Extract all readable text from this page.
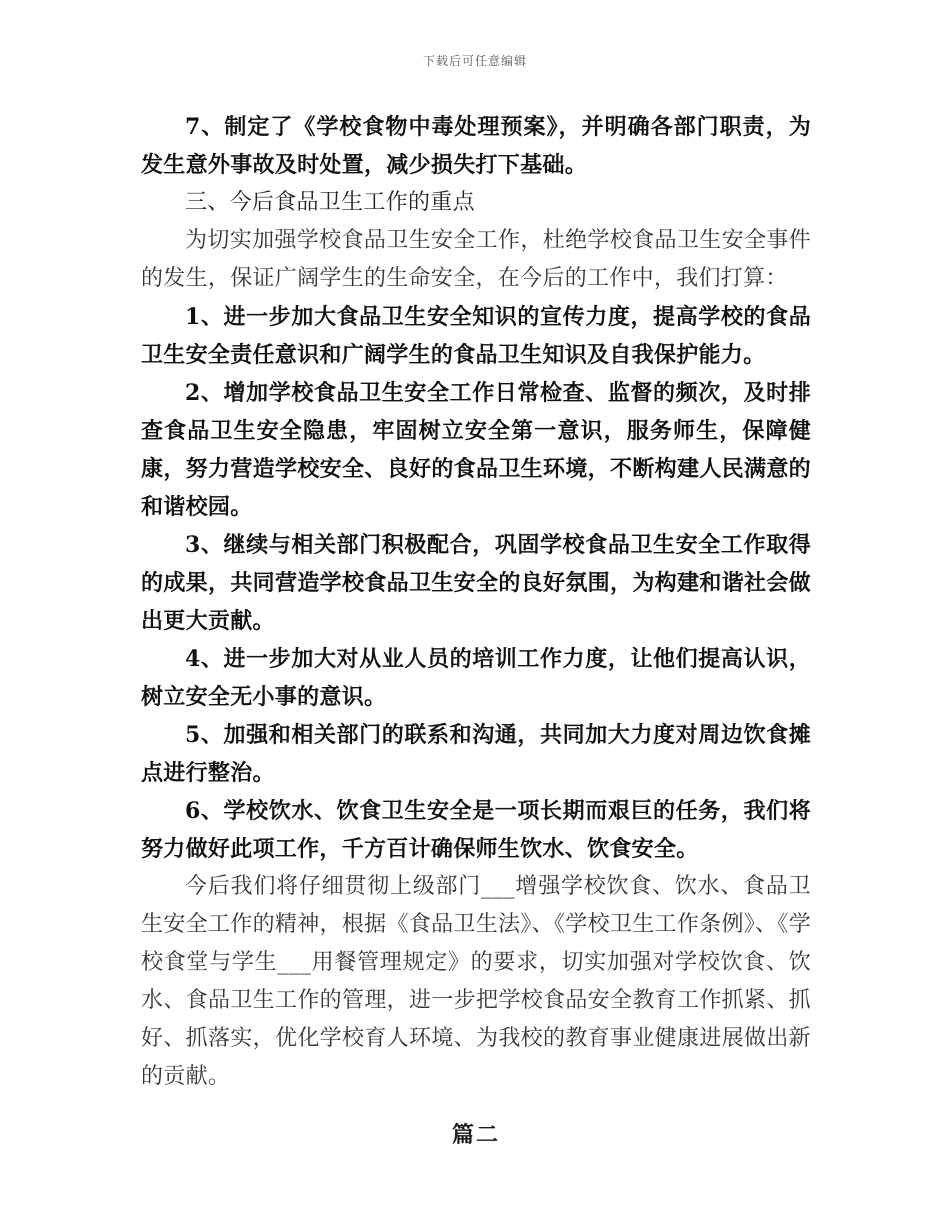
下载后可任意编辑

7、制定了《学校食物中毒处理预案》，并明确各部门职责，为发生意外事故及时处置，减少损失打下基础。

三、今后食品卫生工作的重点

为切实加强学校食品卫生安全工作，杜绝学校食品卫生安全事件的发生，保证广阔学生的生命安全，在今后的工作中，我们打算：

1、进一步加大食品卫生安全知识的宣传力度，提高学校的食品卫生安全责任意识和广阔学生的食品卫生知识及自我保护能力。

2、增加学校食品卫生安全工作日常检查、监督的频次，及时排查食品卫生安全隐患，牢固树立安全第一意识，服务师生，保障健康，努力营造学校安全、良好的食品卫生环境，不断构建人民满意的和谐校园。

3、继续与相关部门积极配合，巩固学校食品卫生安全工作取得的成果，共同营造学校食品卫生安全的良好氛围，为构建和谐社会做出更大贡献。

4、进一步加大对从业人员的培训工作力度，让他们提高认识，树立安全无小事的意识。

5、加强和相关部门的联系和沟通，共同加大力度对周边饮食摊点进行整治。

6、学校饮水、饮食卫生安全是一项长期而艰巨的任务，我们将努力做好此项工作，千方百计确保师生饮水、饮食安全。

今后我们将仔细贯彻上级部门___增强学校饮食、饮水、食品卫生安全工作的精神，根据《食品卫生法》、《学校卫生工作条例》、《学校食堂与学生___用餐管理规定》的要求，切实加强对学校饮食、饮水、食品卫生工作的管理，进一步把学校食品安全教育工作抓紧、抓好、抓落实，优化学校育人环境、为我校的教育事业健康进展做出新的贡献。

篇二
